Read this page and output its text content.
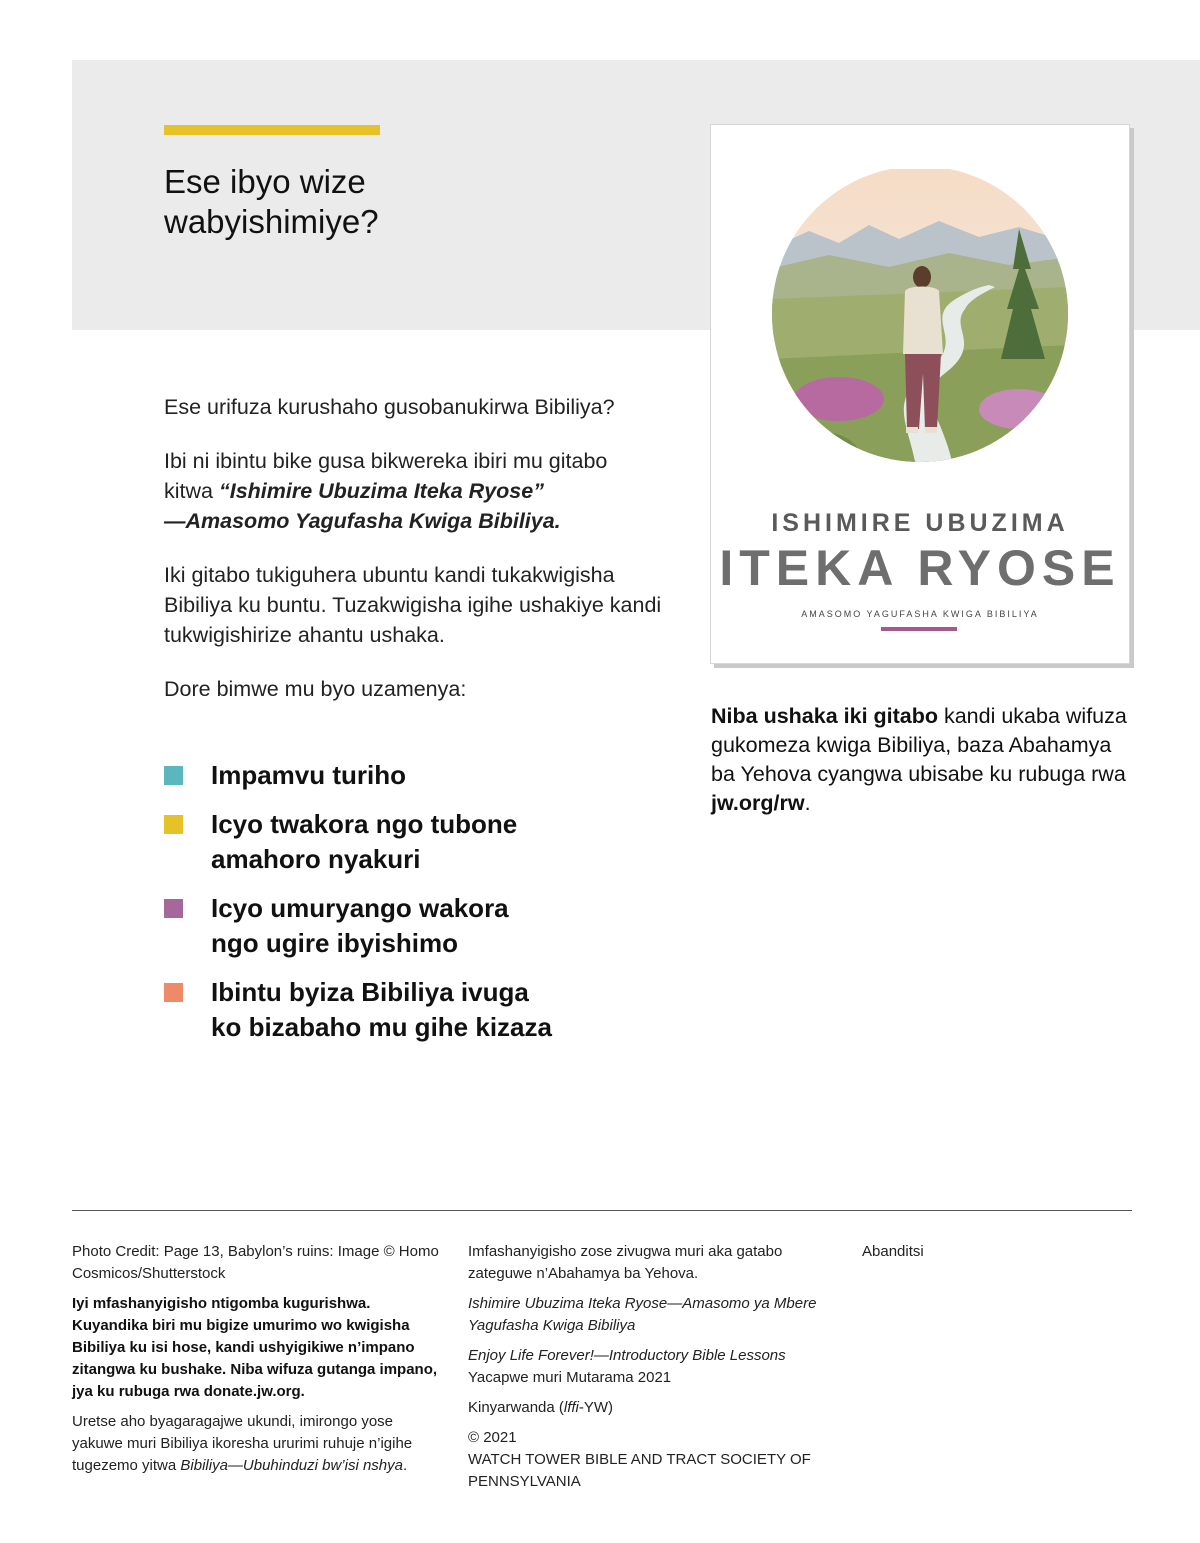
Ese ibyo wize
wabyishimiye?

Ese urifuza kurushaho gusobanukirwa Bibiliya?

Ibi ni ibintu bike gusa bikwereka ibiri mu gitabo
kitwa “Ishimire Ubuzima Iteka Ryose”
—Amasomo Yagufasha Kwiga Bibiliya.

Iki gitabo tukiguhera ubuntu kandi tukakwigisha Bibiliya ku buntu. Tuzakwigisha igihe ushakiye kandi tukwigishirize ahantu ushaka.

Dore bimwe mu byo uzamenya:

Impamvu turiho
Icyo twakora ngo tubone
amahoro nyakuri
Icyo umuryango wakora
ngo ugire ibyishimo
Ibintu byiza Bibiliya ivuga
ko bizabaho mu gihe kizaza
ISHIMIRE UBUZIMA
ITEKA RYOSE
AMASOMO YAGUFASHA KWIGA BIBILIYA

Niba ushaka iki gitabo kandi ukaba wifuza gukomeza kwiga Bibiliya, baza Abahamya ba Yehova cyangwa ubisabe ku rubuga rwa jw.org/rw.

Photo Credit: Page 13, Babylon’s ruins: Image © Homo Cosmicos/Shutterstock

Iyi mfashanyigisho ntigomba kugurishwa. Kuyandika biri mu bigize umurimo wo kwigisha Bibiliya ku isi hose, kandi ushyigikiwe n’impano zitangwa ku bushake. Niba wifuza gutanga impano, jya ku rubuga rwa donate.jw.org.

Uretse aho byagaragajwe ukundi, imirongo yose yakuwe muri Bibiliya ikoresha ururimi ruhuje n’igihe tugezemo yitwa Bibiliya—Ubuhinduzi bw’isi nshya.

Imfashanyigisho zose zivugwa muri aka gatabo zateguwe n’Abahamya ba Yehova.

Ishimire Ubuzima Iteka Ryose—Amasomo ya Mbere Yagufasha Kwiga Bibiliya

Enjoy Life Forever!—Introductory Bible Lessons
Yacapwe muri Mutarama 2021

Kinyarwanda (lffi-YW)

© 2021
WATCH TOWER BIBLE AND TRACT SOCIETY OF PENNSYLVANIA

Abanditsi
